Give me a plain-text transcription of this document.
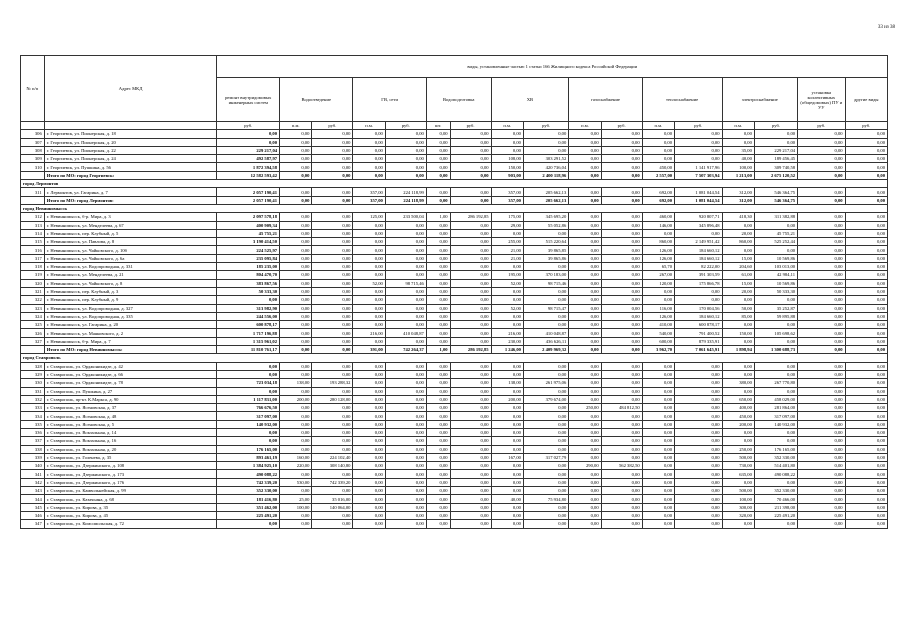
33 из 38
№ п/п	Адрес МКД	виды, установленные частью 1 статьи 166 Жилищного кодекса Российской Федерации																
		ремонт внутридомовых инженерных систем	Водоотведение		ГВ, сети		Водоподготовка		ХВ		газоснабжение		теплоснабжение		электроснабжение		установка коллективных (общедомовых) ПУ и УУ	другие виды
		руб.	п.м.	руб.	п.м.	руб.	шт.	руб.	п.м.	руб.	п.м.	руб.	п.м.	руб.	п.м.	руб.	руб.	руб.
306	г. Георгиевск, ул. Пионерская, д. 18	0,00	0,00	0,00	0,00	0,00	0,00	0,00	0,00	0,00	0,00	0,00	0,00	0,00	0,00	0,00	0,00	0,00
307	г. Георгиевск, ул. Пионерская, д. 20	0,00	0,00	0,00	0,00	0,00	0,00	0,00	0,00	0,00	0,00	0,00	0,00	0,00	0,00	0,00	0,00	0,00
308	г. Георгиевск, ул. Пионерская, д. 22	229 217,04	0,00	0,00	0,00	0,00	0,00	0,00	0,00	0,00	0,00	0,00	0,00	0,00	35,00	229 217,04	0,00	0,00
309	г. Георгиевск, ул. Пионерская, д. 24	492 587,97	0,00	0,00	0,00	0,00	0,00	0,00	108,00	303 291,52	0,00	0,00	0,00	0,00	40,00	189 456,45	0,00	0,00
310	г. Георгиевск, ул. Пушкина, д. 56	1 872 394,58	0,00	0,00	0,00	0,00	0,00	0,00	150,00	420 736,04	0,00	0,00	450,00	1 141 917,96	100,00	309 740,58	0,00	0,00
	Итого по МО: город Георгиевск:	12 582 593,42	0,00	0,00	0,00	0,00	0,00	0,00	903,00	2 400 118,96	0,00	0,00	2 557,00	7 507 303,94	1 213,00	2 675 120,52	0,00	0,00
город Лермонтов																		
311	г. Лермонтов, ул. Гагарина, д. 7	2 057 190,41	0,00	0,00	357,00	224 118,99	0,00	0,00	357,00	205 662,13	0,00	0,00	692,00	1 081 044,54	312,00	546 364,75	0,00	0,00
	Итого по МО: город Лермонтов:	2 057 190,41	0,00	0,00	357,00	224 118,99	0,00	0,00	357,00	205 662,13	0,00	0,00	692,00	1 081 044,54	312,00	546 364,75	0,00	0,00
город Невинномысск																		
312	г. Невинномысск, б-р. Мира, д. 3	2 097 578,18	0,00	0,00	125,00	233 500,04	1,00	286 192,85	175,00	345 695,20	0,00	0,00	460,00	920 807,71	418,30	311 382,88	0,00	0,00
313	г. Невинномысск, ул. Менделеева, д. 67	400 909,34	0,00	0,00	0,00	0,00	0,00	0,00	29,00	55 052,86	0,00	0,00	146,00	345 896,48	0,00	0,00	0,00	0,00
314	г. Невинномысск, пер. Клубный, д. 5	45 755,21	0,00	0,00	0,00	0,00	0,00	0,00	0,00	0,00	0,00	0,00	0,00	0,00	20,00	45 755,21	0,00	0,00
315	г. Невинномысск, ул. Павлова, д. 8	3 190 414,50	0,00	0,00	0,00	0,00	0,00	0,00	255,00	515 220,64	0,00	0,00	860,00	2 149 951,42	860,00	525 252,44	0,00	0,00
316	г. Невинномысск, ул. Чайковского, д. 10б	224 525,97	0,00	0,00	0,00	0,00	0,00	0,00	21,00	39 865,85	0,00	0,00	126,00	184 660,12	0,00	0,00	0,00	0,00
317	г. Невинномысск, ул. Чайковского, д. 6а	235 095,84	0,00	0,00	0,00	0,00	0,00	0,00	21,00	39 865,86	0,00	0,00	126,00	184 660,12	15,00	10 569,86	0,00	0,00
318	г. Невинномысск, ул. Водопроводная, д. 331	185 235,00	0,00	0,00	0,00	0,00	0,00	0,00	0,00	0,00	0,00	0,00	65,70	82 222,00	204,60	103 013,00	0,00	0,00
319	г. Невинномысск, ул. Менделеева, д. 21	804 470,70	0,00	0,00	0,00	0,00	0,00	0,00	195,00	370 183,00	0,00	0,00	267,00	391 303,59	61,00	42 984,11	0,00	0,00
320	г. Невинномысск, ул. Чайковского, д. 8	383 867,56	0,00	0,00	52,00	98 715,46	0,00	0,00	52,00	98 715,46	0,00	0,00	120,00	175 866,78	15,00	10 569,86	0,00	0,00
321	г. Невинномысск, пер. Клубный, д. 3	50 333,30	0,00	0,00	0,00	0,00	0,00	0,00	0,00	0,00	0,00	0,00	0,00	0,00	20,00	50 333,30	0,00	0,00
322	г. Невинномысск, пер. Клубный, д. 9	0,00	0,00	0,00	0,00	0,00	0,00	0,00	0,00	0,00	0,00	0,00	0,00	0,00	0,00	0,00	0,00	0,00
323	г. Невинномысск, ул. Водопроводная, д. 327	313 982,90	0,00	0,00	0,00	0,00	0,00	0,00	52,00	98 715,47	0,00	0,00	116,00	170 004,56	50,00	35 252,87	0,00	0,00
324	г. Невинномысск, ул. Водопроводная, д. 335	244 556,00	0,00	0,00	0,00	0,00	0,00	0,00	0,00	0,00	0,00	0,00	126,00	184 660,12	85,00	59 895,88	0,00	0,00
325	г. Невинномысск, ул. Гагарина, д. 20	600 878,17	0,00	0,00	0,00	0,00	0,00	0,00	0,00	0,00	0,00	0,00	410,00	600 878,17	0,00	0,00	0,00	0,00
326	г. Невинномысск, ул. Маяковского, д. 2	1 717 196,88	0,00	0,00	216,00	410 048,87	0,00	0,00	216,00	410 048,87	0,00	0,00	540,00	791 400,52	150,00	105 698,62	0,00	0,00
327	г. Невинномысск, б-р. Мира, д. 7	1 315 961,02	0,00	0,00	0,00	0,00	0,00	0,00	230,00	436 626,11	0,00	0,00	600,00	879 335,91	0,00	0,00	0,00	0,00
	Итого по МО: город Невинномысск:	11 810 761,17	0,00	0,00	391,00	742 264,37	1,00	286 192,85	1 246,00	2 409 969,32	0,00	0,00	3 962,70	7 061 645,91	1 898,94	1 300 688,73	0,00	0,00
город Ставрополь																		
328	г. Ставрополь, ул. Орджоникидзе, д. 42	0,00	0,00	0,00	0,00	0,00	0,00	0,00	0,00	0,00	0,00	0,00	0,00	0,00	0,00	0,00	0,00	0,00
329	г. Ставрополь, ул. Орджоникидзе, д. 66	0,00	0,00	0,00	0,00	0,00	0,00	0,00	0,00	0,00	0,00	0,00	0,00	0,00	0,00	0,00	0,00	0,00
330	г. Ставрополь, ул. Орджоникидзе, д. 78	723 034,18	138,00	193 288,32	0,00	0,00	0,00	0,00	138,00	261 975,06	0,00	0,00	0,00	0,00	380,00	267 770,80	0,00	0,00
331	г. Ставрополь, ул. Пушкина, д. 27	0,00	0,00	0,00	0,00	0,00	0,00	0,00	0,00	0,00	0,00	0,00	0,00	0,00	0,00	0,00	0,00	0,00
332	г. Ставрополь, пр-кт. К.Маркса, д. 90	1 117 831,00	200,00	280 128,00	0,00	0,00	0,00	0,00	200,00	379 674,00	0,00	0,00	0,00	0,00	650,00	458 029,00	0,00	0,00
333	г. Ставрополь, ул. Ясеновская, д. 37	766 676,50	0,00	0,00	0,00	0,00	0,00	0,00	0,00	0,00	250,00	484 812,50	0,00	0,00	400,00	281 864,00	0,00	0,00
334	г. Ставрополь, ул. Ясеновская, д. 48	317 097,00	0,00	0,00	0,00	0,00	0,00	0,00	0,00	0,00	0,00	0,00	0,00	0,00	450,00	317 097,00	0,00	0,00
335	г. Ставрополь, ул. Ясеновская, д. 5	140 932,00	0,00	0,00	0,00	0,00	0,00	0,00	0,00	0,00	0,00	0,00	0,00	0,00	200,00	140 932,00	0,00	0,00
336	г. Ставрополь, ул. Вокзальная, д. 14	0,00	0,00	0,00	0,00	0,00	0,00	0,00	0,00	0,00	0,00	0,00	0,00	0,00	0,00	0,00	0,00	0,00
337	г. Ставрополь, ул. Вокзальная, д. 16	0,00	0,00	0,00	0,00	0,00	0,00	0,00	0,00	0,00	0,00	0,00	0,00	0,00	0,00	0,00	0,00	0,00
338	г. Ставрополь, ул. Вокзальная, д. 20	176 165,00	0,00	0,00	0,00	0,00	0,00	0,00	0,00	0,00	0,00	0,00	0,00	0,00	250,00	176 165,00	0,00	0,00
339	г. Ставрополь, ул. Голенева, д. 35	893 461,19	160,00	224 102,40	0,00	0,00	0,00	0,00	167,00	317 027,79	0,00	0,00	0,00	0,00	500,00	352 330,00	0,00	0,00
340	г. Ставрополь, ул. Дзержинского, д. 108	1 384 925,10	220,00	308 140,80	0,00	0,00	0,00	0,00	0,00	0,00	290,00	562 382,50	0,00	0,00	730,00	514 401,80	0,00	0,00
341	г. Ставрополь, ул. Дзержинского, д. 173	490 088,22	0,00	0,00	0,00	0,00	0,00	0,00	0,00	0,00	0,00	0,00	0,00	0,00	635,00	490 088,22	0,00	0,00
342	г. Ставрополь, ул. Дзержинского, д. 176	742 339,20	530,00	742 339,20	0,00	0,00	0,00	0,00	0,00	0,00	0,00	0,00	0,00	0,00	0,00	0,00	0,00	0,00
343	г. Ставрополь, ул. Камвольнейская, д. 99	352 330,00	0,00	0,00	0,00	0,00	0,00	0,00	0,00	0,00	0,00	0,00	0,00	0,00	500,00	352 330,00	0,00	0,00
344	г. Ставрополь, ул. Казачьина, д. 68	181 416,80	25,00	35 016,00	0,00	0,00	0,00	0,00	40,00	75 934,80	0,00	0,00	0,00	0,00	100,00	70 466,00	0,00	0,00
345	г. Ставрополь, ул. Кирова, д. 35	351 462,00	100,00	140 064,00	0,00	0,00	0,00	0,00	0,00	0,00	0,00	0,00	0,00	0,00	300,00	211 398,00	0,00	0,00
346	г. Ставрополь, ул. Кирова, д. 45	225 491,20	0,00	0,00	0,00	0,00	0,00	0,00	0,00	0,00	0,00	0,00	0,00	0,00	320,00	225 491,20	0,00	0,00
347	г. Ставрополь, ул. Комсомольская, д. 72	0,00	0,00	0,00	0,00	0,00	0,00	0,00	0,00	0,00	0,00	0,00	0,00	0,00	0,00	0,00	0,00	0,00
